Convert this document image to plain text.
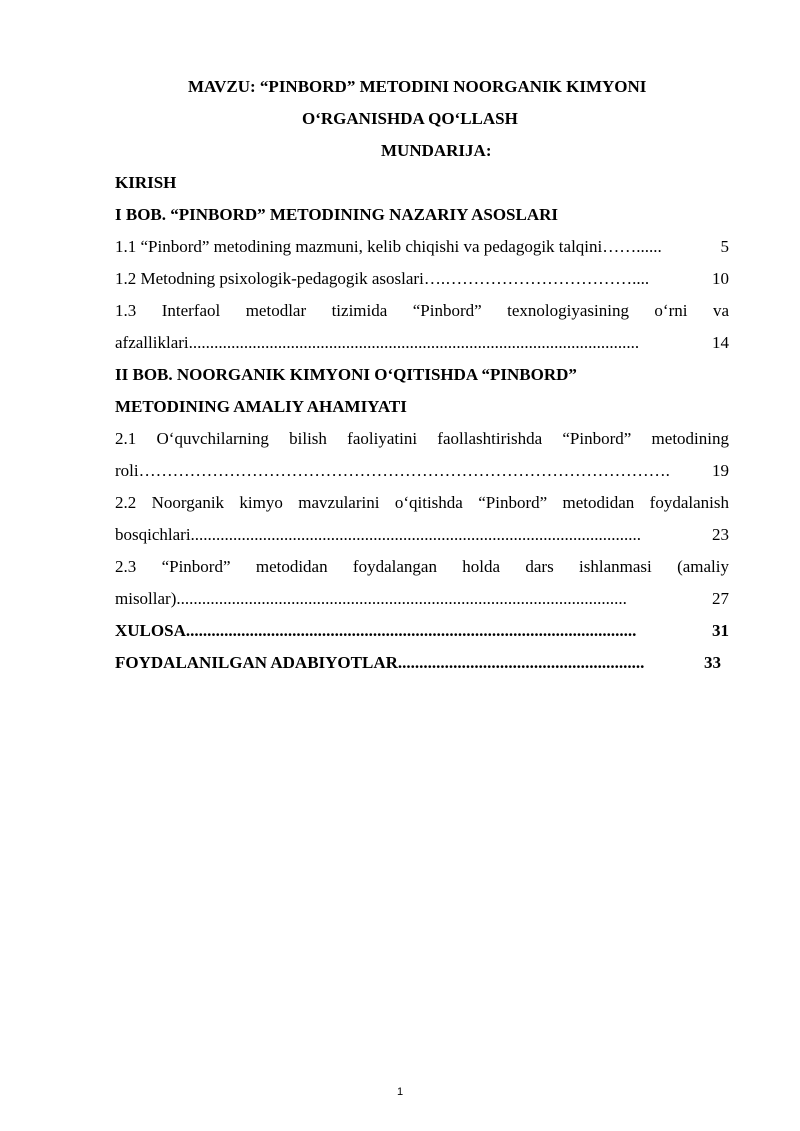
MAVZU: “PINBORD” METODINI NOORGANIK KIMYONI
O‘RGANISHDA QO‘LLASH
MUNDARIJA:
KIRISH
I BOB. “PINBORD” METODINING NAZARIY ASOSLARI
1.1 “Pinbord” metodining mazmuni, kelib chiqishi va pedagogik talqini ……......	5
1.2 Metodning psixologik-pedagogik asoslari ….……………………………....	10
1.3 Interfaol metodlar tizimida “Pinbord” texnologiyasining o‘rni va
afzalliklari ..........................................................................................................	14
II BOB. NOORGANIK KIMYONI O‘QITISHDA “PINBORD”
METODINING AMALIY AHAMIYATI
2.1 O‘quvchilarning bilish faoliyatini faollashtirishda “Pinbord” metodining
roli ………………………………………………………………………………….	19
2.2 Noorganik kimyo mavzularini o‘qitishda “Pinbord” metodidan foydalanish
bosqichlari ..........................................................................................................	23
2.3 “Pinbord” metodidan foydalangan holda dars ishlanmasi (amaliy
misollar) ..........................................................................................................	27
XULOSA ..........................................................................................................	31
FOYDALANILGAN ADABIYOTLAR ..........................................................	33
1
